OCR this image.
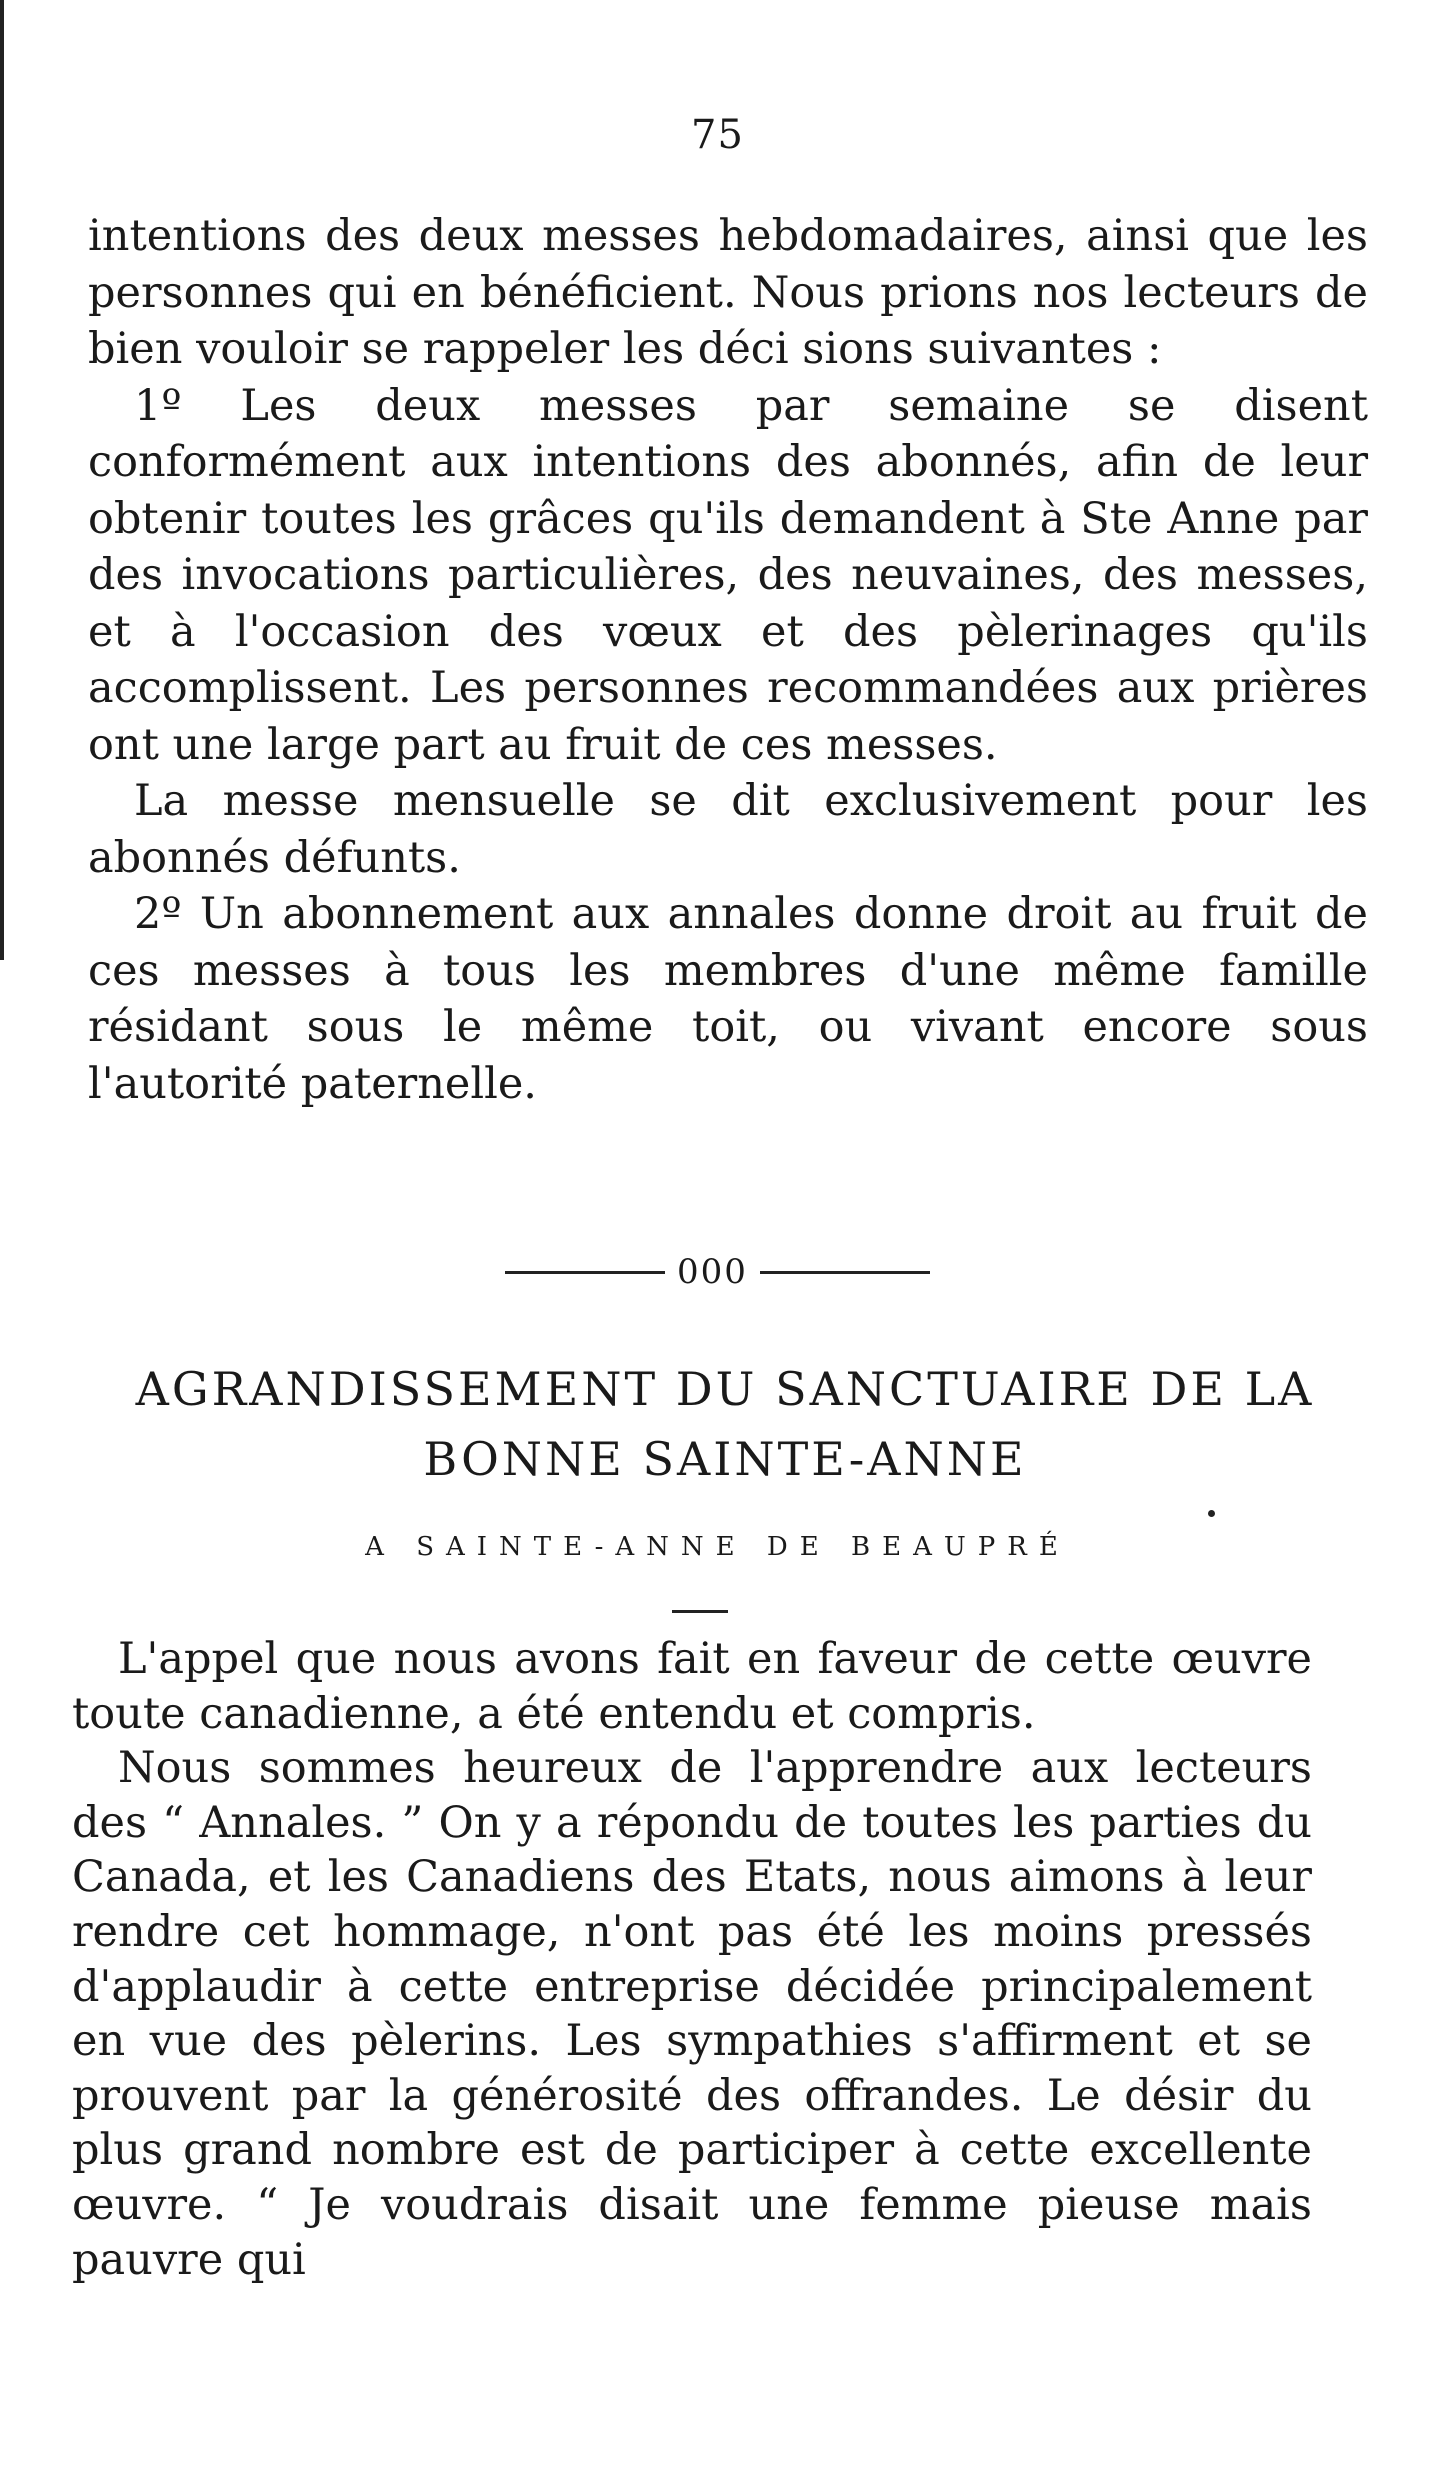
75

intentions des deux messes hebdomadaires, ainsi que les personnes qui en bénéficient. Nous prions nos lecteurs de bien vouloir se rappeler les déci sions suivantes :

1º Les deux messes par semaine se disent conformément aux intentions des abonnés, afin de leur obtenir toutes les grâces qu'ils demandent à Ste Anne par des invocations particulières, des neuvaines, des messes, et à l'occasion des vœux et des pèlerinages qu'ils accomplissent. Les personnes recommandées aux prières ont une large part au fruit de ces messes.

La messe mensuelle se dit exclusivement pour les abonnés défunts.

2º Un abonnement aux annales donne droit au fruit de ces messes à tous les membres d'une même famille résidant sous le même toit, ou vivant encore sous l'autorité paternelle.

000
AGRANDISSEMENT DU SANCTUAIRE DE LA
BONNE SAINTE-ANNE
A SAINTE-ANNE DE BEAUPRÉ

L'appel que nous avons fait en faveur de cette œuvre toute canadienne, a été entendu et compris.

Nous sommes heureux de l'apprendre aux lecteurs des “ Annales. ” On y a répondu de toutes les parties du Canada, et les Canadiens des Etats, nous aimons à leur rendre cet hommage, n'ont pas été les moins pressés d'applaudir à cette entreprise décidée principalement en vue des pèlerins. Les sympathies s'affirment et se prouvent par la générosité des offrandes. Le désir du plus grand nombre est de participer à cette excellente œuvre. “ Je voudrais disait une femme pieuse mais pauvre qui
